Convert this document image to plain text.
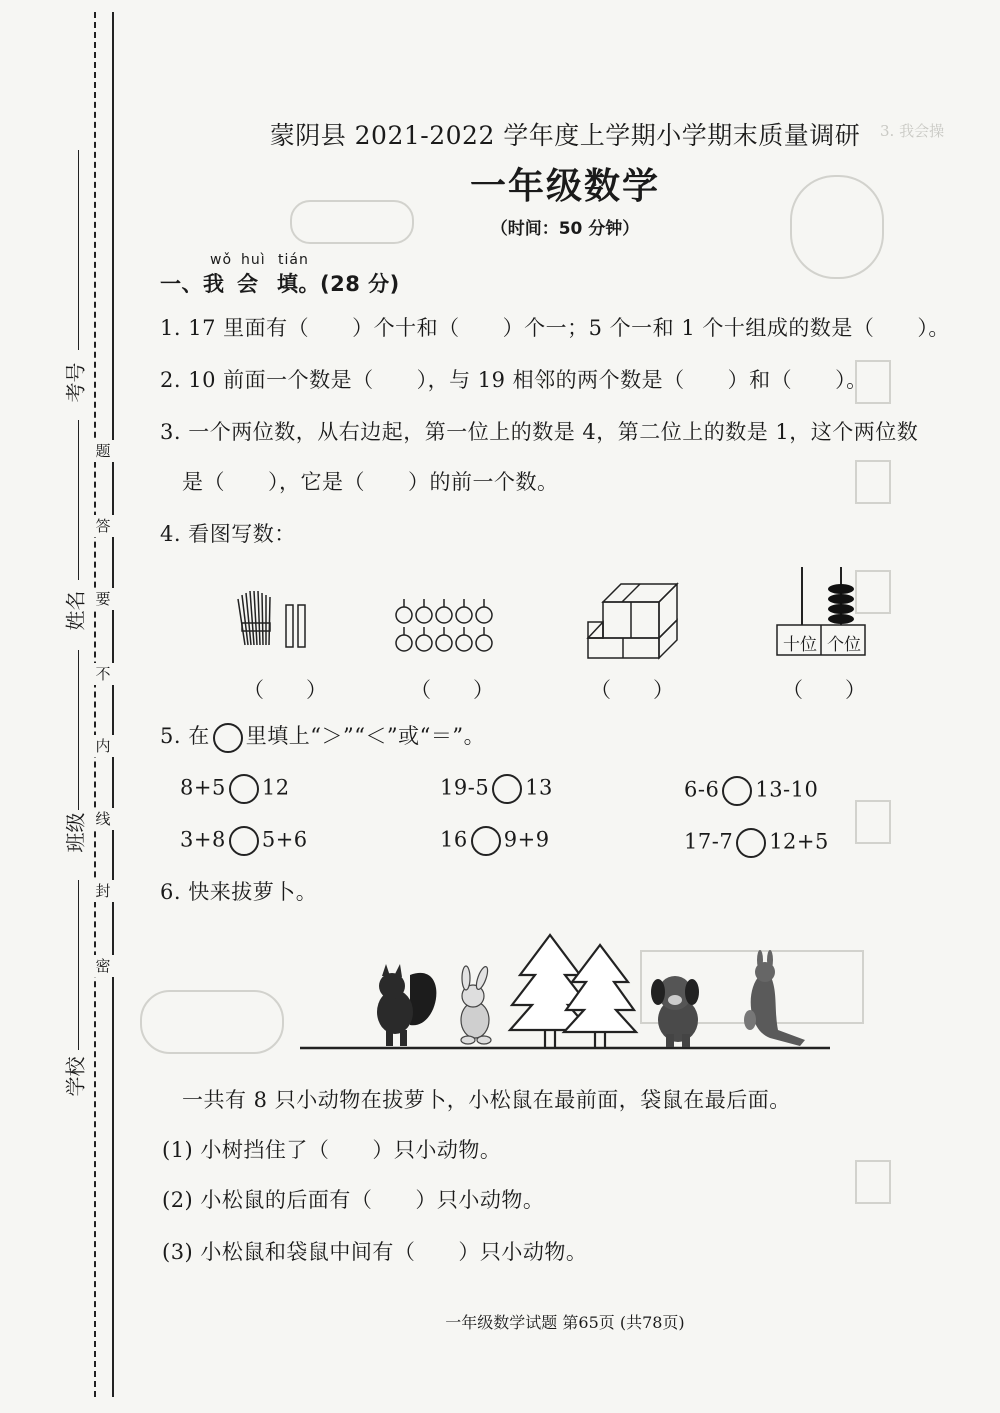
题
答
要
不
内
线
封
密
考号
姓名
班级
学校
3. 我会操
蒙阴县 2021-2022 学年度上学期小学期末质量调研
一年级数学
（时间：50 分钟）
wǒ huì tián
一、我 会 填。(28 分)
1. 17 里面有（　　）个十和（　　）个一；5 个一和 1 个十组成的数是（　　）。
2. 10 前面一个数是（　　），与 19 相邻的两个数是（　　）和（　　）。
3. 一个两位数，从右边起，第一位上的数是 4，第二位上的数是 1，这个两位数
是（　　），它是（　　）的前一个数。
4. 看图写数：
十位 个位
（　　）	（　　）	（　　）	（　　）
5. 在 里填上“＞”“＜”或“＝”。
8+5 12	19-5 13	6-6 13-10
3+8 5+6	16 9+9	17-7 12+5
6. 快来拔萝卜。
一共有 8 只小动物在拔萝卜，小松鼠在最前面，袋鼠在最后面。
(1) 小树挡住了（　　）只小动物。
(2) 小松鼠的后面有（　　）只小动物。
(3) 小松鼠和袋鼠中间有（　　）只小动物。
一年级数学试题 第65页 (共78页)
